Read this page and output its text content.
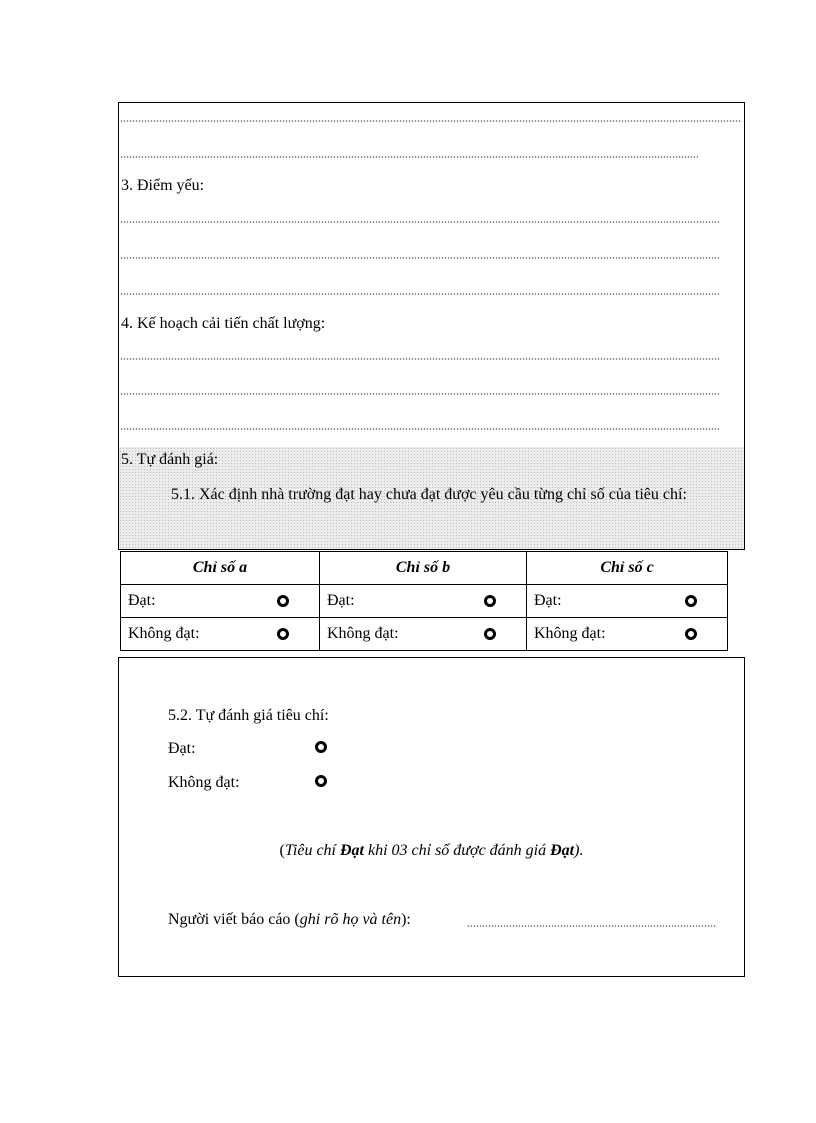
3. Điểm yếu:
4. Kế hoạch cải tiến chất lượng:
5. Tự đánh giá:
5.1. Xác định nhà trường đạt hay chưa đạt được yêu cầu từng chỉ số của tiêu chí:
Chỉ số a	Chỉ số b	Chỉ số c
Đạt:	Đạt:	Đạt:

Không đạt:	Không đạt:	Không đạt:
5.2. Tự đánh giá tiêu chí:
Đạt:
Không đạt:
(Tiêu chí Đạt khi 03 chỉ số được đánh giá Đạt).
Người viết báo cáo (ghi rõ họ và tên):
